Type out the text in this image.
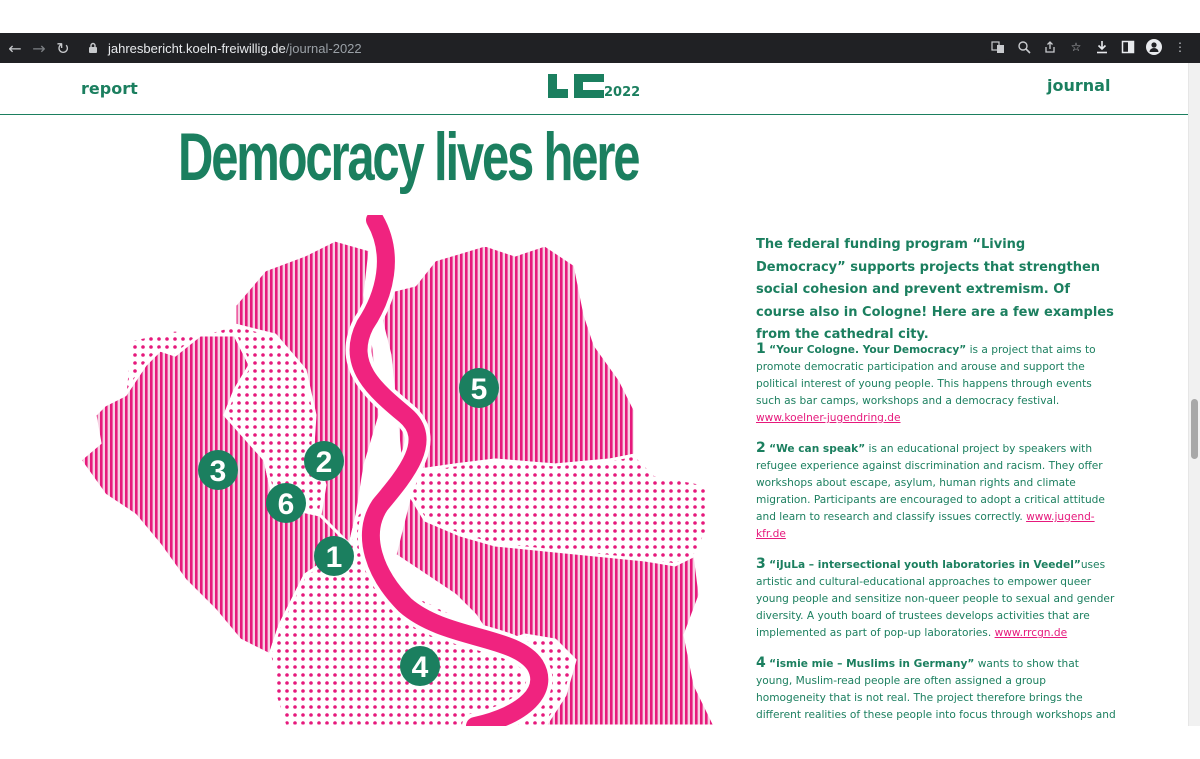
← → ↻	jahresbericht.koeln-freiwillig.de/journal-2022	☆	⋮
report	2022	journal
Democracy lives here
5
2
3
6
1
4
The federal funding program “Living Democracy” supports projects that strengthen social cohesion and prevent extremism. Of course also in Cologne! Here are a few examples from the cathedral city.
1 “Your Cologne. Your Democracy” is a project that aims to promote democratic participation and arouse and support the political interest of young people. This happens through events such as bar camps, workshops and a democracy festival. www.koelner-jugendring.de
2 “We can speak” is an educational project by speakers with refugee experience against discrimination and racism. They offer workshops about escape, asylum, human rights and climate migration. Participants are encouraged to adopt a critical attitude and learn to research and classify issues correctly. www.jugend-kfr.de
3 “iJuLa – intersectional youth laboratories in Veedel”uses artistic and cultural-educational approaches to empower queer young people and sensitize non-queer people to sexual and gender diversity. A youth board of trustees develops activities that are implemented as part of pop-up laboratories. www.rrcgn.de
4 “ismie mie – Muslims in Germany” wants to show that young, Muslim-read people are often assigned a group homogeneity that is not real. The project therefore brings the different realities of these people into focus through workshops and
